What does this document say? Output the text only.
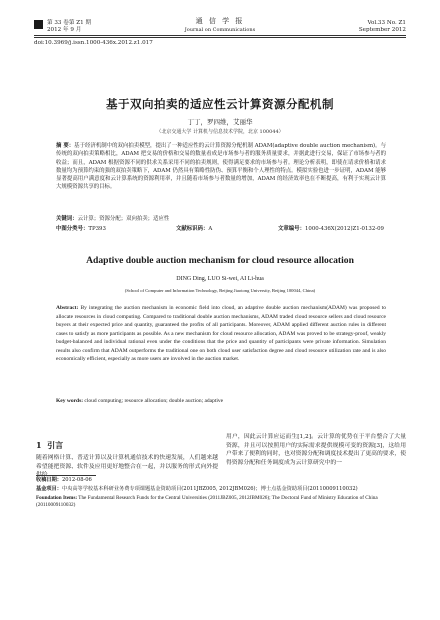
第 33 卷第 Z1 期
2012 年 9 月
通 信 学 报
Journal on Communications
Vol.33 No. Z1
September 2012
doi:10.3969/j.issn.1000-436x.2012.z1.017
基于双向拍卖的适应性云计算资源分配机制
丁丁，罗四维，艾丽华
（北京交通大学 计算机与信息技术学院，北京 100044）
摘 要：基于经济机制中的双向拍卖模型，提出了一种适应性的云计算资源分配机制 ADAM(adaptive double auction mechanism)。与传统的双向拍卖策略相比，ADAM 把交易的价格和交易的数量看成是市场参与者的服务质量要求，并据此进行交易，保证了市场参与者的收益；而且，ADAM 根据资源不同的供求关系采用不同的拍卖规则，使得满足要求的市场参与者。理论分析表明，即使在请求价格和请求数量均为预算约束的强的双拍卖策略下，ADAM 仍然具有策略性防伪、预算平衡和个人理性的特点。模拟实验也进一步证明，ADAM 能够显著提高用户满意度和云计算系统的资源利用率，并且随着市场参与者数量的增加，ADAM 的经济效率也在不断提高，有利于实现云计算大规模资源共享的目标。
关键词：云计算；资源分配；双向拍卖；适应性
中图分类号：TP393	文献标识码：A	文章编号：1000-436X(2012)Z1-0132-09
Adaptive double auction mechanism for cloud resource allocation
DING Ding, LUO Si-wei, AI Li-hua
(School of Computer and Information Technology, Beijing Jiaotong University, Beijing 100044, China)
Abstract: By integrating the auction mechanism in economic field into cloud, an adaptive double auction mechanism(ADAM) was proposed to allocate resources in cloud computing. Compared to traditional double auction mechanisms, ADAM traded cloud resource sellers and cloud resource buyers at their expected price and quantity, guaranteed the profits of all participants. Moreover, ADAM applied different auction rules in different cases to satisfy as more participants as possible. As a new mechanism for cloud resource allocation, ADAM was proved to be strategy-proof, weakly budget-balanced and individual rational even under the conditions that the price and quantity of participants were private information. Simulation results also confirm that ADAM outperforms the traditional one on both cloud user satisfaction degree and cloud resource utilization rate and is also economically efficient, especially as more users are involved in the auction market.
Key words: cloud computing; resource allocation; double auction; adaptive
1 引言
随着网格计算、普适计算以及计算机通信技术的快速发展，人们越来越希望能把资源、软件及应用更好地整合在一起，并以服务的形式向外提供给
用户，因此云计算应运而生[1,2]。云计算的优势在于平台整合了大量资源，并且可以按照用户的实际需求提供规模可变的资源[3]，这给用户带来了便利的同时，也对资源分配和调度技术提出了更高的要求，使得资源分配和任务调度成为云计算研究中的一
收稿日期：2012-08-06
基金项目：中央高等学校基本科研业务费专项课题基金资助项目(2011JBZ005, 2012JBM026)；博士点基金资助项目(20110009110032)
Foundation Items: The Fundamental Research Funds for the Central Universities (2011JBZ005, 2012JBM026); The Doctoral Fund of Ministry Education of China (20110009110032)
